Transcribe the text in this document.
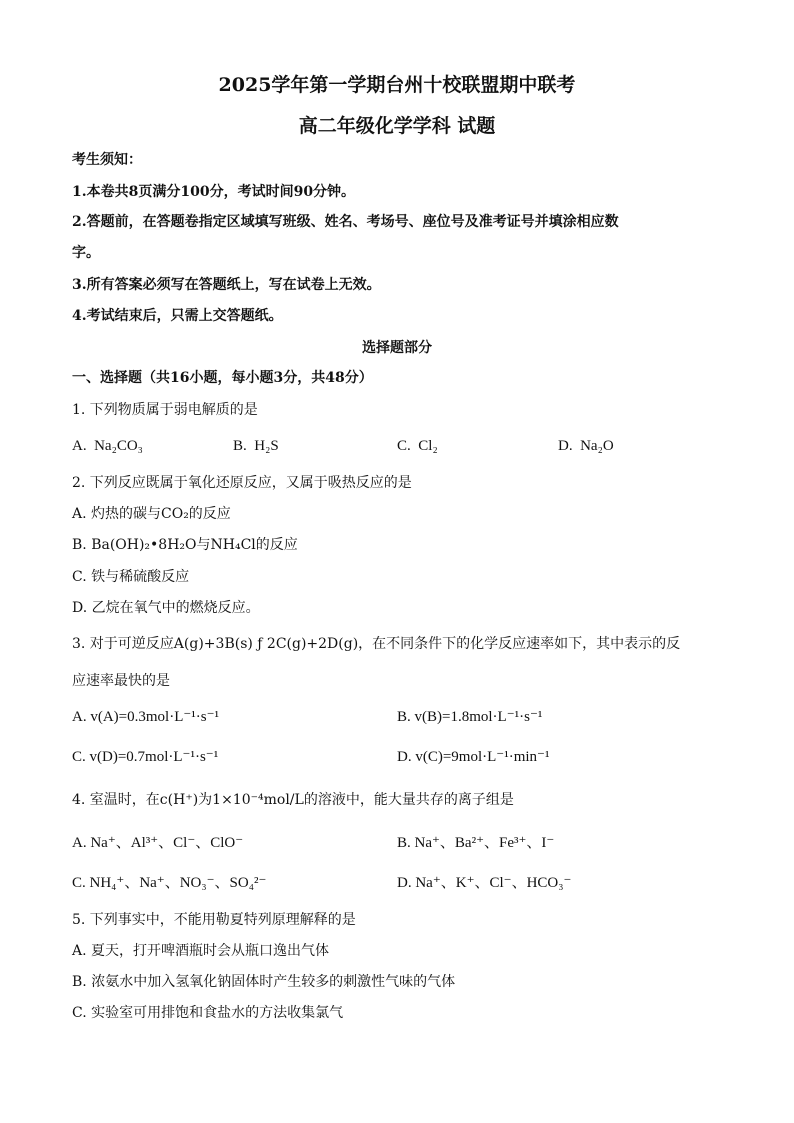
2025学年第一学期台州十校联盟期中联考
高二年级化学学科 试题
考生须知：
1.本卷共8页满分100分，考试时间90分钟。
2.答题前，在答题卷指定区域填写班级、姓名、考场号、座位号及准考证号并填涂相应数
字。
3.所有答案必须写在答题纸上，写在试卷上无效。
4.考试结束后，只需上交答题纸。
选择题部分
一、选择题（共16小题，每小题3分，共48分）
1. 下列物质属于弱电解质的是
A. Na₂CO₃	B. H₂S	C. Cl₂	D. Na₂O
2. 下列反应既属于氧化还原反应，又属于吸热反应的是
A. 灼热的碳与CO₂的反应
B. Ba(OH)₂•8H₂O与NH₄Cl的反应
C. 铁与稀硫酸反应
D. 乙烷在氧气中的燃烧反应。
3. 对于可逆反应A(g)+3B(s) ƒ 2C(g)+2D(g)，在不同条件下的化学反应速率如下，其中表示的反
应速率最快的是
A. v(A)=0.3mol·L⁻¹·s⁻¹	B. v(B)=1.8mol·L⁻¹·s⁻¹
C. v(D)=0.7mol·L⁻¹·s⁻¹	D. v(C)=9mol·L⁻¹·min⁻¹
4. 室温时，在c(H⁺)为1×10⁻⁴mol/L的溶液中，能大量共存的离子组是
A. Na⁺、Al³⁺、Cl⁻、ClO⁻	B. Na⁺、Ba²⁺、Fe³⁺、I⁻
C. NH₄⁺、Na⁺、NO₃⁻、SO₄²⁻	D. Na⁺、K⁺、Cl⁻、HCO₃⁻
5. 下列事实中，不能用勒夏特列原理解释的是
A. 夏天，打开啤酒瓶时会从瓶口逸出气体
B. 浓氨水中加入氢氧化钠固体时产生较多的刺激性气味的气体
C. 实验室可用排饱和食盐水的方法收集氯气
